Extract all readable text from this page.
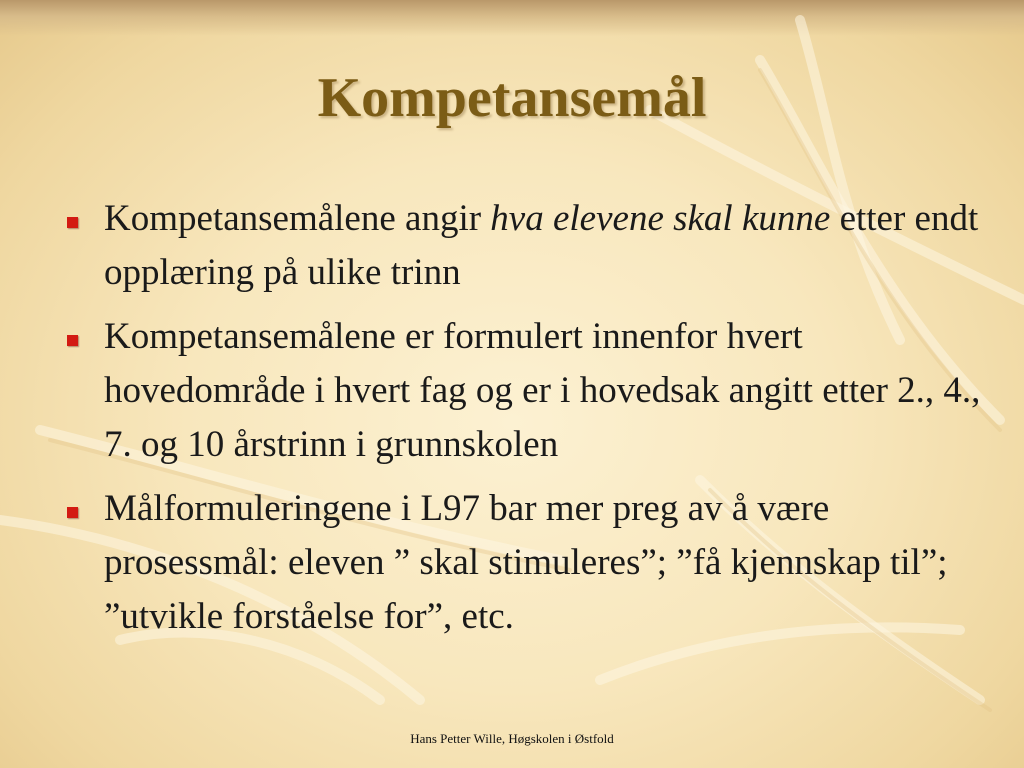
Kompetansemål
Kompetansemålene angir hva elevene skal kunne etter endt opplæring på ulike trinn
Kompetansemålene er formulert innenfor hvert hovedområde i hvert fag og er i hovedsak angitt etter 2., 4., 7. og 10 årstrinn i grunnskolen
Målformuleringene i L97 bar mer preg av å være prosessmål: eleven ” skal stimuleres”; ”få kjennskap til”; ”utvikle forståelse for”, etc.
Hans Petter Wille, Høgskolen i Østfold
